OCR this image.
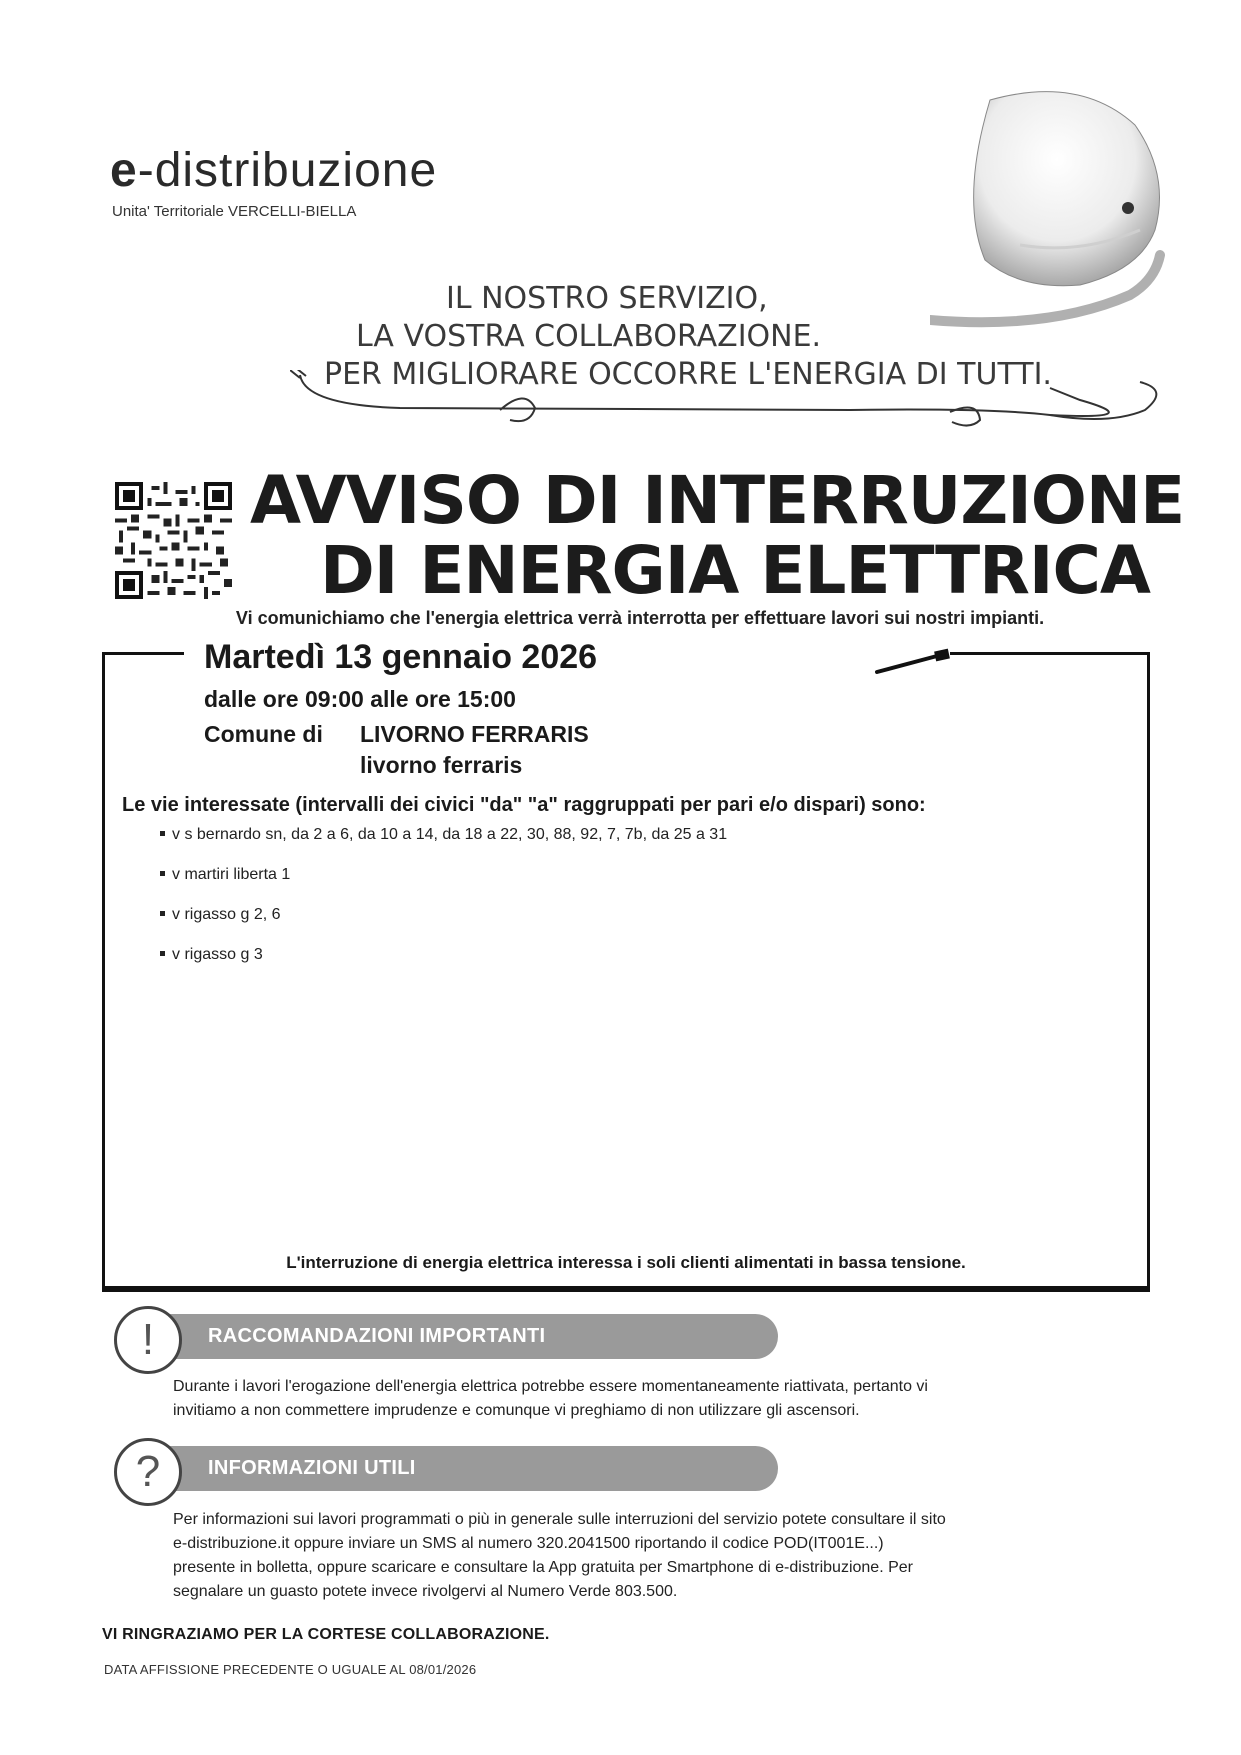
e-distribuzione
Unita' Territoriale VERCELLI-BIELLA
IL NOSTRO SERVIZIO,
LA VOSTRA COLLABORAZIONE.
PER MIGLIORARE OCCORRE L'ENERGIA DI TUTTI.
AVVISO DI INTERRUZIONE
DI ENERGIA ELETTRICA
Vi comunichiamo che l'energia elettrica verrà interrotta per effettuare lavori sui nostri impianti.
Martedì 13 gennaio 2026
dalle ore 09:00 alle ore 15:00
Comune di LIVORNO FERRARIS
livorno ferraris
Le vie interessate (intervalli dei civici "da" "a" raggruppati per pari e/o dispari) sono:
v s bernardo sn, da 2 a 6, da 10 a 14, da 18 a 22, 30, 88, 92, 7, 7b, da 25 a 31
v martiri liberta 1
v rigasso g 2, 6
v rigasso g 3
L'interruzione di energia elettrica interessa i soli clienti alimentati in bassa tensione.
RACCOMANDAZIONI IMPORTANTI
!
Durante i lavori l'erogazione dell'energia elettrica potrebbe essere momentaneamente riattivata, pertanto vi
invitiamo a non commettere imprudenze e comunque vi preghiamo di non utilizzare gli ascensori.
INFORMAZIONI UTILI
?
Per informazioni sui lavori programmati o più in generale sulle interruzioni del servizio potete consultare il sito
e-distribuzione.it oppure inviare un SMS al numero 320.2041500 riportando il codice POD(IT001E...)
presente in bolletta, oppure scaricare e consultare la App gratuita per Smartphone di e-distribuzione. Per
segnalare un guasto potete invece rivolgervi al Numero Verde 803.500.
VI RINGRAZIAMO PER LA CORTESE COLLABORAZIONE.
DATA AFFISSIONE PRECEDENTE O UGUALE AL 08/01/2026
